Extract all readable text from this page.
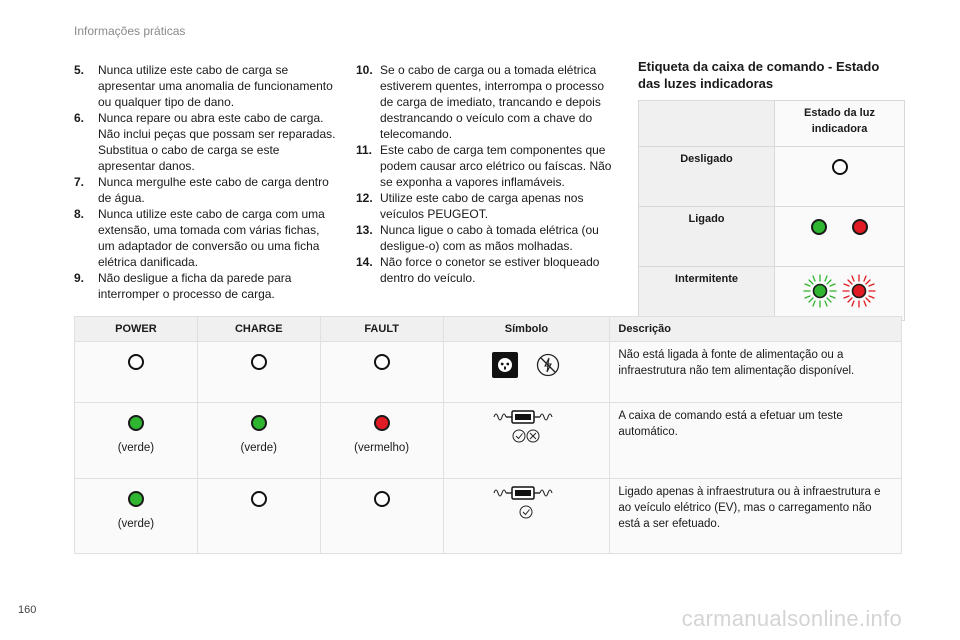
Informações práticas
5.	Nunca utilize este cabo de carga se apresentar uma anomalia de funcionamento ou qualquer tipo de dano.
6.	Nunca repare ou abra este cabo de carga. Não inclui peças que possam ser reparadas. Substitua o cabo de carga se este apresentar danos.
7.	Nunca mergulhe este cabo de carga dentro de água.
8.	Nunca utilize este cabo de carga com uma extensão, uma tomada com várias fichas, um adaptador de conversão ou uma ficha elétrica danificada.
9.	Não desligue a ficha da parede para interromper o processo de carga.
10. Se o cabo de carga ou a tomada elétrica estiverem quentes, interrompa o processo de carga de imediato, trancando e depois destrancando o veículo com a chave do telecomando.
11. Este cabo de carga tem componentes que podem causar arco elétrico ou faíscas. Não se exponha a vapores inflamáveis.
12. Utilize este cabo de carga apenas nos veículos PEUGEOT.
13. Nunca ligue o cabo à tomada elétrica (ou desligue-o) com as mãos molhadas.
14. Não force o conetor se estiver bloqueado dentro do veículo.
Etiqueta da caixa de comando - Estado das luzes indicadoras
	Estado da luz indicadora
Desligado	
Ligado	
Intermitente	
POWER	CHARGE	FAULT	Símbolo	Descrição
				Não está ligada à fonte de alimentação ou a infraestrutura não tem alimentação disponível.

(verde)	(verde)	(vermelho)		A caixa de comando está a efetuar um teste automático.

(verde)				Ligado apenas à infraestrutura ou à infraestrutura e ao veículo elétrico (EV), mas o carregamento não está a ser efetuado.
160	carmanualsonline.info
